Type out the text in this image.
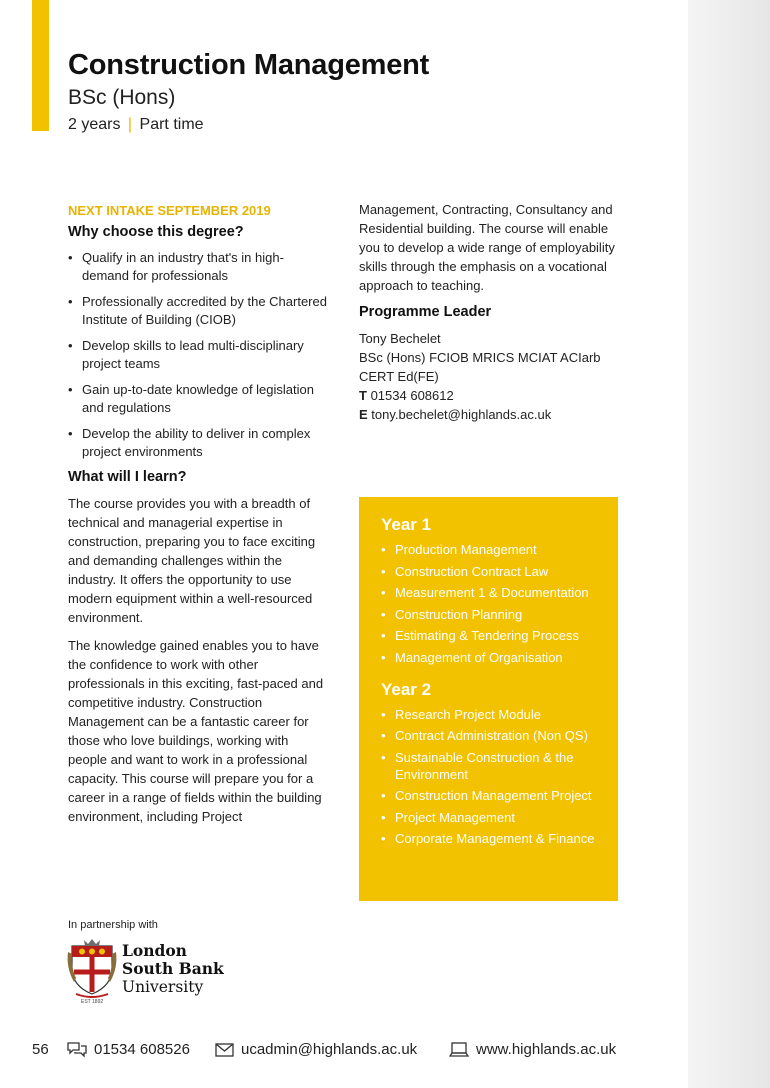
Construction Management
BSc (Hons)
2 years | Part time
NEXT INTAKE SEPTEMBER 2019
Why choose this degree?
• Qualify in an industry that's in high-demand for professionals
• Professionally accredited by the Chartered Institute of Building (CIOB)
• Develop skills to lead multi-disciplinary project teams
• Gain up-to-date knowledge of legislation and regulations
• Develop the ability to deliver in complex project environments
What will I learn?

The course provides you with a breadth of technical and managerial expertise in construction, preparing you to face exciting and demanding challenges within the industry. It offers the opportunity to use modern equipment within a well-resourced environment.

The knowledge gained enables you to have the confidence to work with other professionals in this exciting, fast-paced and competitive industry. Construction Management can be a fantastic career for those who love buildings, working with people and want to work in a professional capacity. This course will prepare you for a career in a range of fields within the building environment, including Project

Management, Contracting, Consultancy and Residential building. The course will enable you to develop a wide range of employability skills through the emphasis on a vocational approach to teaching.

Programme Leader
Tony Bechelet
BSc (Hons) FCIOB MRICS MCIAT ACIarb CERT Ed(FE)
T 01534 608612
E tony.bechelet@highlands.ac.uk
Year 1
• Production Management
• Construction Contract Law
• Measurement 1 & Documentation
• Construction Planning
• Estimating & Tendering Process
• Management of Organisation
Year 2
• Research Project Module
• Contract Administration (Non QS)
• Sustainable Construction & the Environment
• Construction Management Project
• Project Management
• Corporate Management & Finance
In partnership with
EST 1892
London
South Bank
University
56	01534 608526	ucadmin@highlands.ac.uk	www.highlands.ac.uk
